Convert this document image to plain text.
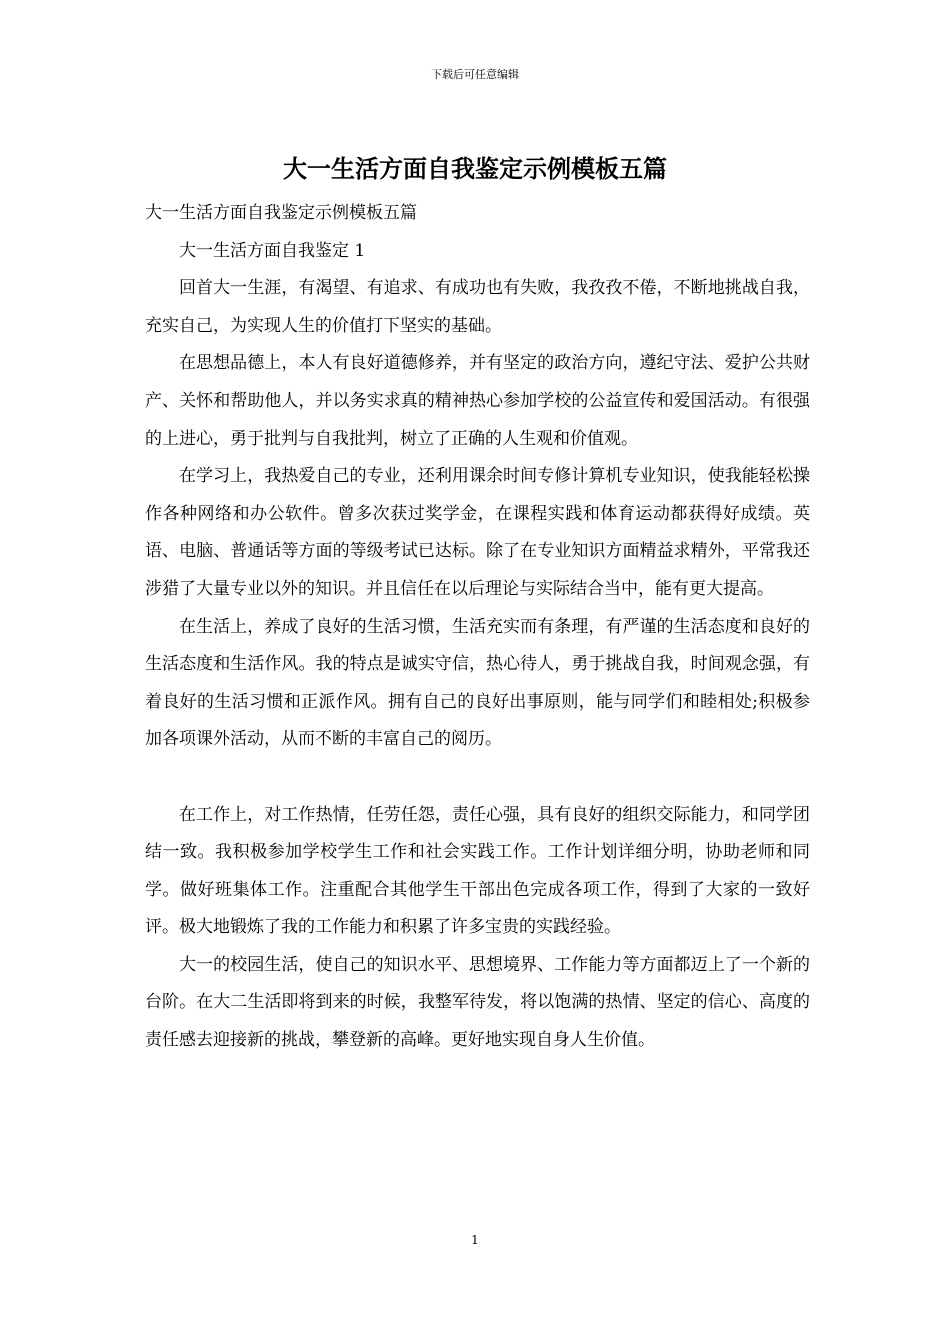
下载后可任意编辑
大一生活方面自我鉴定示例模板五篇

大一生活方面自我鉴定示例模板五篇

大一生活方面自我鉴定 1

回首大一生涯，有渴望、有追求、有成功也有失败，我孜孜不倦，不断地挑战自我，充实自己，为实现人生的价值打下坚实的基础。

在思想品德上，本人有良好道德修养，并有坚定的政治方向，遵纪守法、爱护公共财产、关怀和帮助他人，并以务实求真的精神热心参加学校的公益宣传和爱国活动。有很强的上进心，勇于批判与自我批判，树立了正确的人生观和价值观。

在学习上，我热爱自己的专业，还利用课余时间专修计算机专业知识，使我能轻松操作各种网络和办公软件。曾多次获过奖学金，在课程实践和体育运动都获得好成绩。英语、电脑、普通话等方面的等级考试已达标。除了在专业知识方面精益求精外，平常我还涉猎了大量专业以外的知识。并且信任在以后理论与实际结合当中，能有更大提高。

在生活上，养成了良好的生活习惯，生活充实而有条理，有严谨的生活态度和良好的生活态度和生活作风。我的特点是诚实守信，热心待人，勇于挑战自我，时间观念强，有着良好的生活习惯和正派作风。拥有自己的良好出事原则，能与同学们和睦相处;积极参加各项课外活动，从而不断的丰富自己的阅历。

在工作上，对工作热情，任劳任怨，责任心强，具有良好的组织交际能力，和同学团结一致。我积极参加学校学生工作和社会实践工作。工作计划详细分明，协助老师和同学。做好班集体工作。注重配合其他学生干部出色完成各项工作，得到了大家的一致好评。极大地锻炼了我的工作能力和积累了许多宝贵的实践经验。

大一的校园生活，使自己的知识水平、思想境界、工作能力等方面都迈上了一个新的台阶。在大二生活即将到来的时候，我整军待发，将以饱满的热情、坚定的信心、高度的责任感去迎接新的挑战，攀登新的高峰。更好地实现自身人生价值。

1
